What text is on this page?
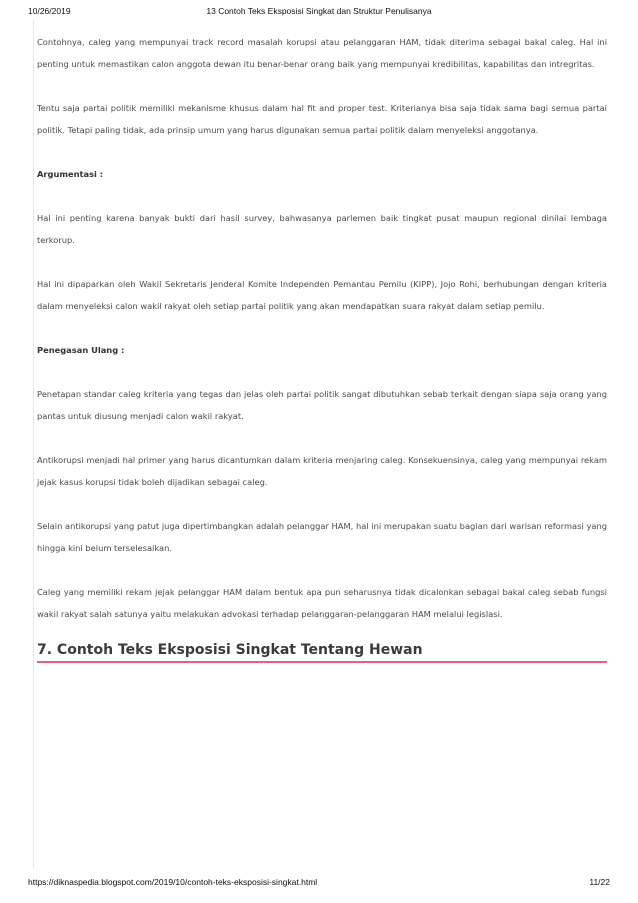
10/26/2019	13 Contoh Teks Eksposisi Singkat dan Struktur Penulisanya

Contohnya, caleg yang mempunyai track record masalah korupsi atau pelanggaran HAM, tidak diterima sebagai bakal caleg. Hal ini penting untuk memastikan calon anggota dewan itu benar-benar orang baik yang mempunyai kredibilitas, kapabilitas dan intregritas.

Tentu saja partai politik memiliki mekanisme khusus dalam hal fit and proper test. Kriterianya bisa saja tidak sama bagi semua partai politik. Tetapi paling tidak, ada prinsip umum yang harus digunakan semua partai politik dalam menyeleksi anggotanya.

Argumentasi :

Hal ini penting karena banyak bukti dari hasil survey, bahwasanya parlemen baik tingkat pusat maupun regional dinilai lembaga terkorup.

Hal ini dipaparkan oleh Wakil Sekretaris Jenderal Komite Independen Pemantau Pemilu (KIPP), Jojo Rohi, berhubungan dengan kriteria dalam menyeleksi calon wakil rakyat oleh setiap partai politik yang akan mendapatkan suara rakyat dalam setiap pemilu.

Penegasan Ulang :

Penetapan standar caleg kriteria yang tegas dan jelas oleh partai politik sangat dibutuhkan sebab terkait dengan siapa saja orang yang pantas untuk diusung menjadi calon wakil rakyat.

Antikorupsi menjadi hal primer yang harus dicantumkan dalam kriteria menjaring caleg. Konsekuensinya, caleg yang mempunyai rekam jejak kasus korupsi tidak boleh dijadikan sebagai caleg.

Selain antikorupsi yang patut juga dipertimbangkan adalah pelanggar HAM, hal ini merupakan suatu bagian dari warisan reformasi yang hingga kini belum terselesaikan.

Caleg yang memiliki rekam jejak pelanggar HAM dalam bentuk apa pun seharusnya tidak dicalonkan sebagai bakal caleg sebab fungsi wakil rakyat salah satunya yaitu melakukan advokasi terhadap pelanggaran-pelanggaran HAM melalui legislasi.

7. Contoh Teks Eksposisi Singkat Tentang Hewan
https://diknaspedia.blogspot.com/2019/10/contoh-teks-eksposisi-singkat.html	11/22
